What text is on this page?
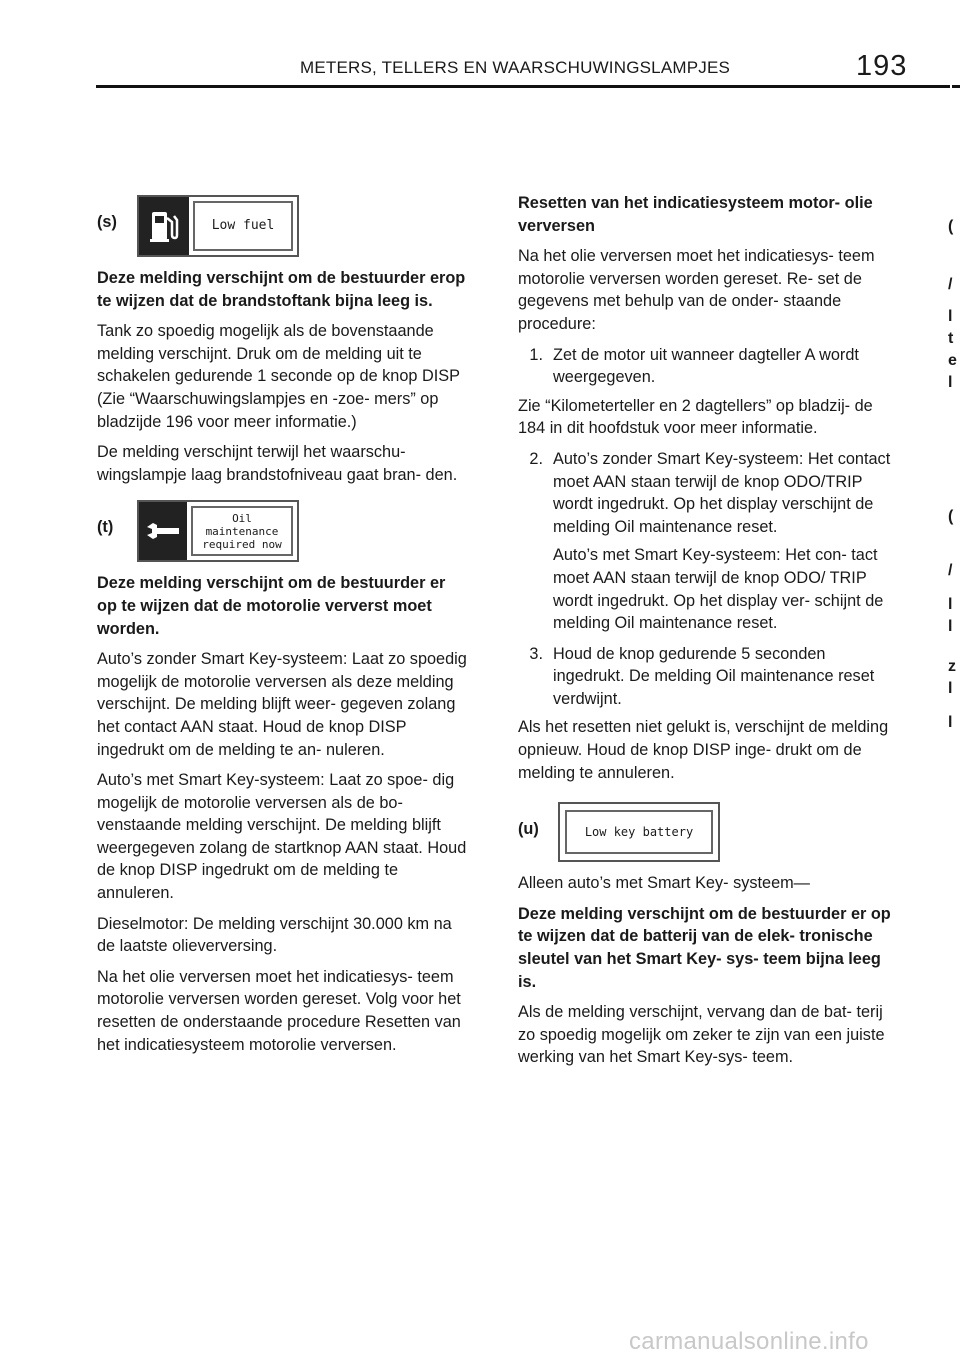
METERS, TELLERS EN WAARSCHUWINGSLAMPJES	193
(s)	Low fuel

Deze melding verschijnt om de bestuurder erop te wijzen dat de brandstoftank bijna leeg is.

Tank zo spoedig mogelijk als de bovenstaande melding verschijnt. Druk om de melding uit te schakelen gedurende 1 seconde op de knop DISP (Zie “Waarschuwingslampjes en -zoe- mers” op bladzijde 196 voor meer informatie.)

De melding verschijnt terwijl het waarschu- wingslampje laag brandstofniveau gaat bran- den.

(t)	Oil
maintenance
required now

Deze melding verschijnt om de bestuurder er op te wijzen dat de motorolie ververst moet worden.

Auto’s zonder Smart Key-systeem: Laat zo spoedig mogelijk de motorolie verversen als deze melding verschijnt. De melding blijft weer- gegeven zolang het contact AAN staat. Houd de knop DISP ingedrukt om de melding te an- nuleren.

Auto’s met Smart Key-systeem: Laat zo spoe- dig mogelijk de motorolie verversen als de bo- venstaande melding verschijnt. De melding blijft weergegeven zolang de startknop AAN staat. Houd de knop DISP ingedrukt om de melding te annuleren.

Dieselmotor: De melding verschijnt 30.000 km na de laatste olieverversing.

Na het olie verversen moet het indicatiesys- teem motorolie verversen worden gereset. Volg voor het resetten de onderstaande procedure Resetten van het indicatiesysteem motorolie verversen.

Resetten van het indicatiesysteem motor- olie verversen

Na het olie verversen moet het indicatiesys- teem motorolie verversen worden gereset. Re- set de gegevens met behulp van de onder- staande procedure:

1. Zet de motor uit wanneer dagteller A wordt weergegeven.

Zie “Kilometerteller en 2 dagtellers” op bladzij- de 184 in dit hoofdstuk voor meer informatie.

2. Auto’s zonder Smart Key-systeem: Het contact moet AAN staan terwijl de knop ODO/TRIP wordt ingedrukt. Op het display verschijnt de melding Oil maintenance reset.

Auto’s met Smart Key-systeem: Het con- tact moet AAN staan terwijl de knop ODO/ TRIP wordt ingedrukt. Op het display ver- schijnt de melding Oil maintenance reset.

3. Houd de knop gedurende 5 seconden ingedrukt. De melding Oil maintenance reset verdwijnt.

Als het resetten niet gelukt is, verschijnt de melding opnieuw. Houd de knop DISP inge- drukt om de melding te annuleren.

(u)	Low key battery

Alleen auto’s met Smart Key- systeem—

Deze melding verschijnt om de bestuurder er op te wijzen dat de batterij van de elek- tronische sleutel van het Smart Key- sys- teem bijna leeg is.

Als de melding verschijnt, vervang dan de bat- terij zo spoedig mogelijk om zeker te zijn van een juiste werking van het Smart Key-sys- teem.

(
/
l
t
e
l
(
/
l
l
z
l
l
carmanualsonline.info
